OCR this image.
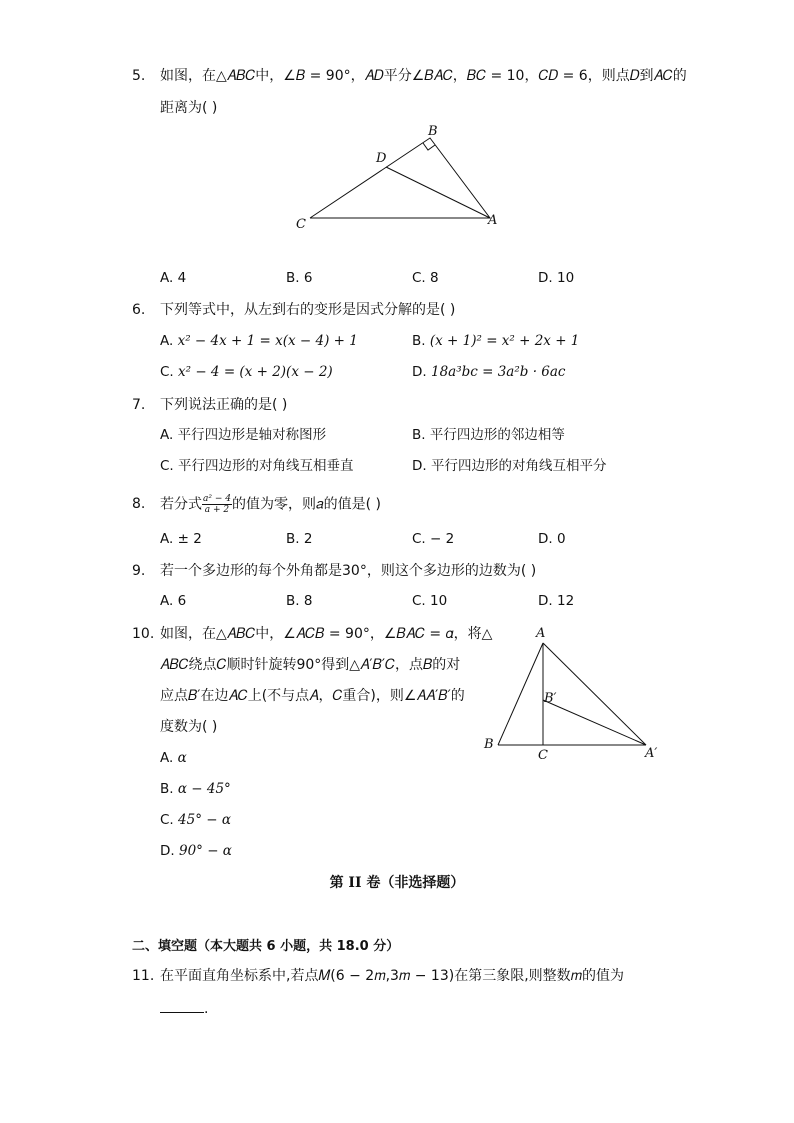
5. 如图，在△𝐴𝐵𝐶中，∠𝐵 = 90°，𝐴𝐷平分∠𝐵𝐴𝐶，𝐵𝐶 = 10，𝐶𝐷 = 6，则点𝐷到𝐴𝐶的
距离为( )
B
D
C	A
A. 4	B. 6	C. 8	D. 10
6. 下列等式中，从左到右的变形是因式分解的是( )
A. 𝑥² − 4𝑥 + 1 = 𝑥(𝑥 − 4) + 1	B. (𝑥 + 1)² = 𝑥² + 2𝑥 + 1
C. 𝑥² − 4 = (𝑥 + 2)(𝑥 − 2)	D. 18𝑎³𝑏𝑐 = 3𝑎²𝑏 · 6𝑎𝑐
7. 下列说法正确的是( )
A. 平行四边形是轴对称图形	B. 平行四边形的邻边相等
C. 平行四边形的对角线互相垂直	D. 平行四边形的对角线互相平分
8. 若分式 𝑎² − 4
𝑎 + 2 的值为零，则𝑎的值是( )
A. ± 2	B. 2	C. − 2	D. 0
9. 若一个多边形的每个外角都是30°，则这个多边形的边数为( )
A. 6	B. 8	C. 10	D. 12
10. 如图，在△𝐴𝐵𝐶中，∠𝐴𝐶𝐵 = 90°，∠𝐵𝐴𝐶 = 𝛼，将△
𝐴𝐵𝐶绕点𝐶顺时针旋转90°得到△𝐴′𝐵′𝐶，点𝐵的对
应点𝐵′在边𝐴𝐶上(不与点𝐴，𝐶重合)，则∠𝐴𝐴′𝐵′的
度数为( )
A
B′
B
C	A′
A. 𝛼
B. 𝛼 − 45°
C. 45° − 𝛼
D. 90° − 𝛼
第 II 卷（非选择题）
二、填空题（本大题共 6 小题，共 18.0 分）
11. 在平面直角坐标系中,若点𝑀(6 − 2𝑚,3𝑚 − 13)在第三象限,则整数𝑚的值为
.
